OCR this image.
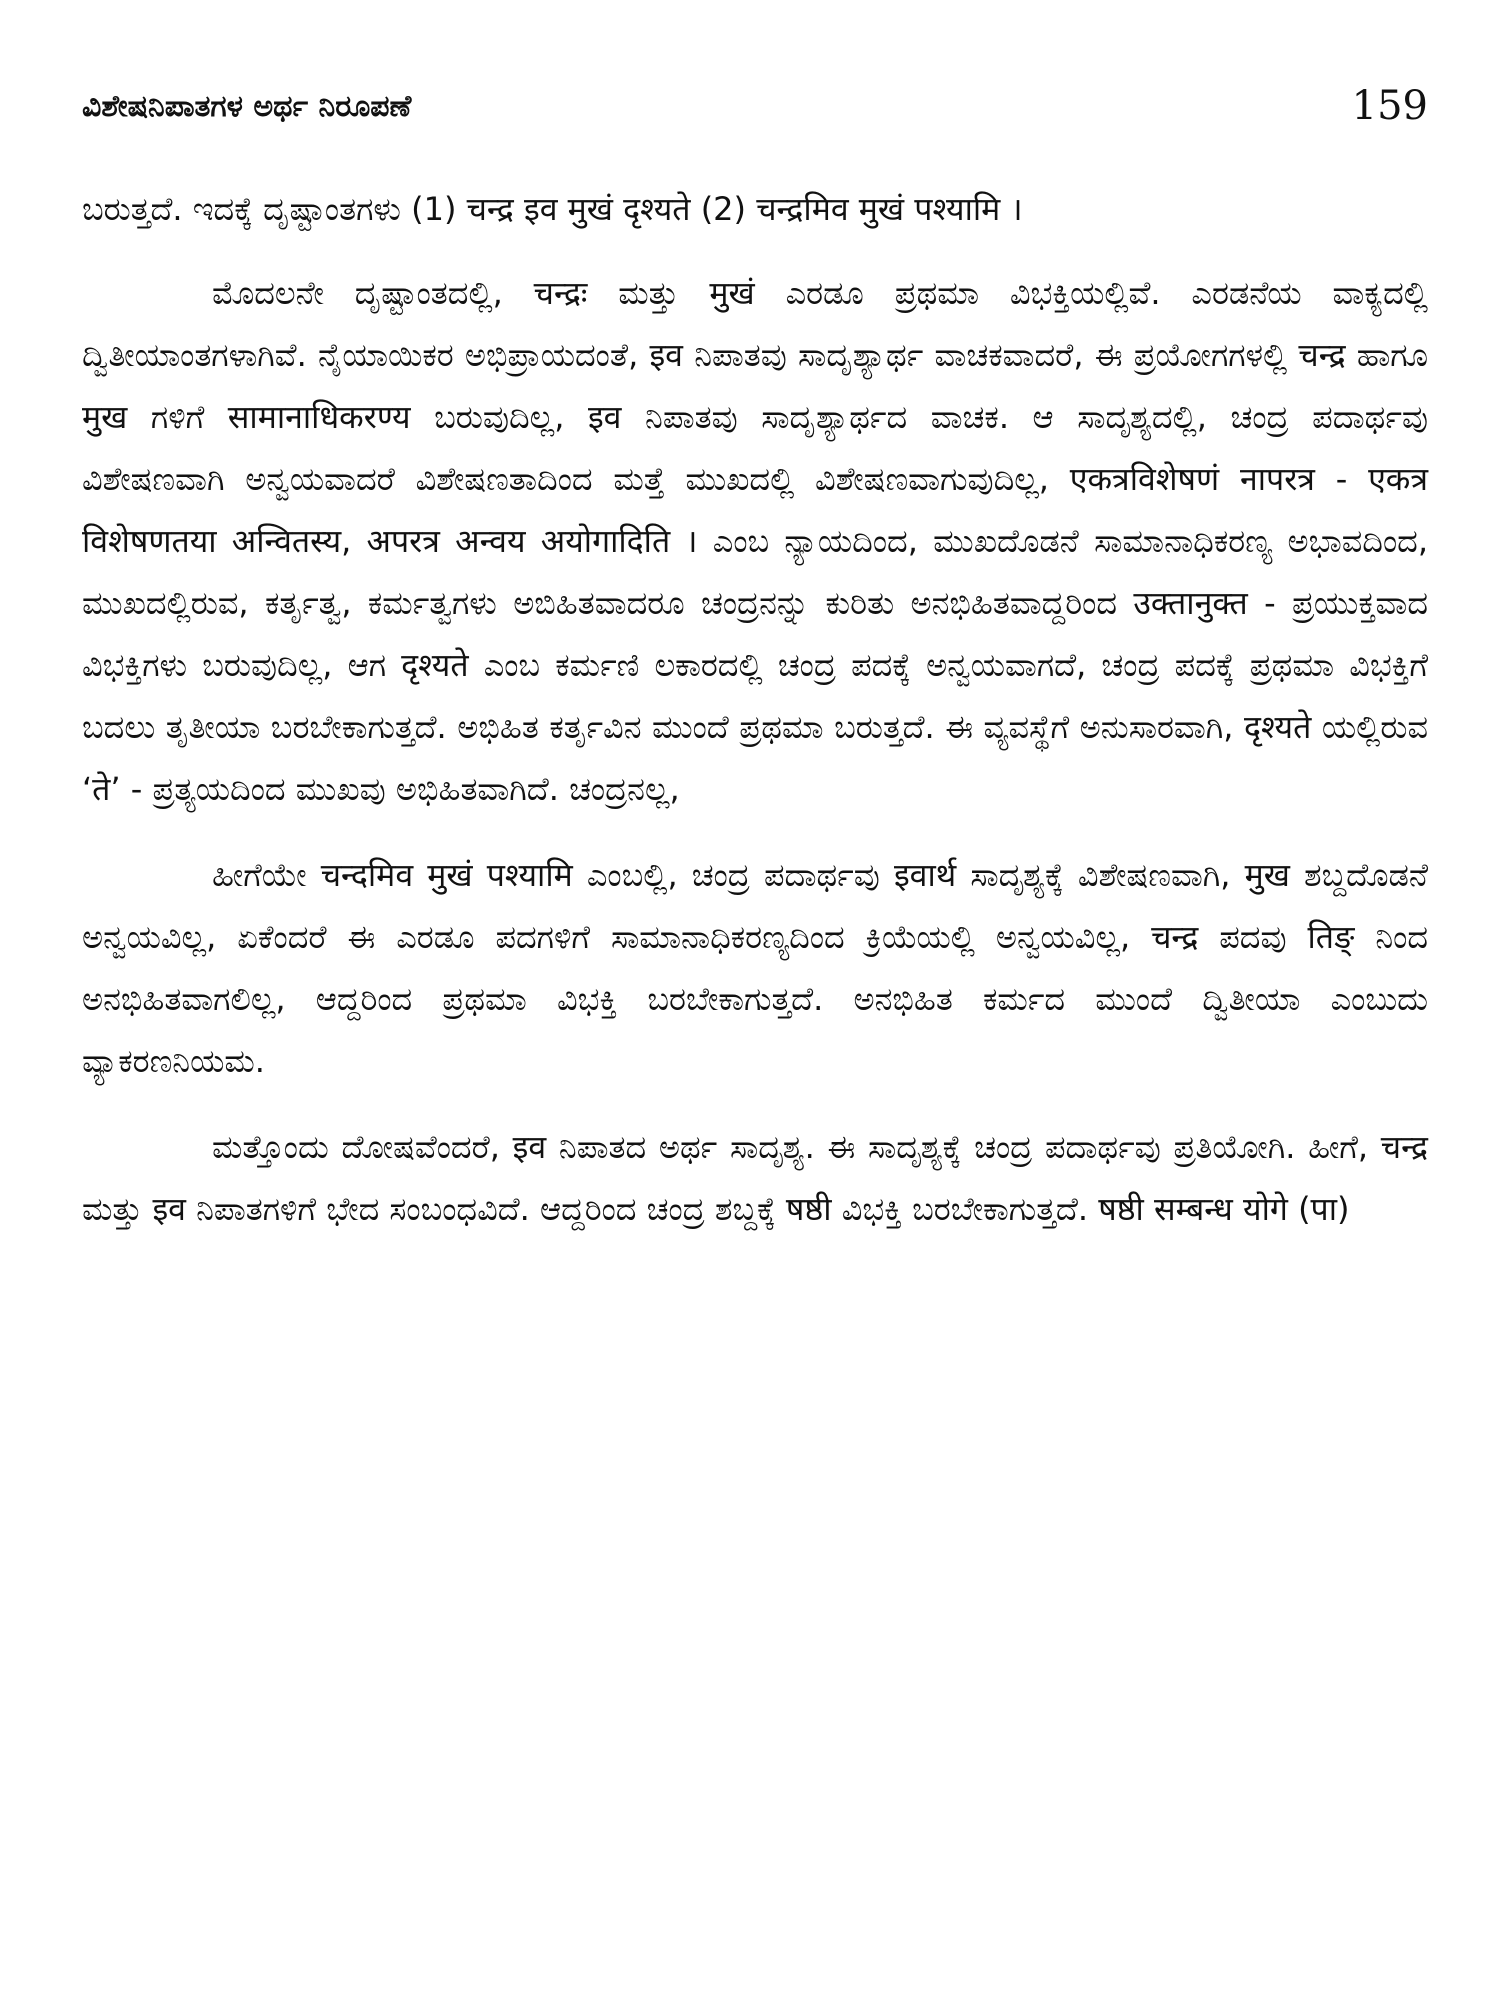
ವಿಶೇಷನಿಪಾತಗಳ ಅರ್ಥ ನಿರೂಪಣೆ	159

ಬರುತ್ತದೆ. ಇದಕ್ಕೆ ದೃಷ್ಟಾಂತಗಳು (1) चन्द्र इव मुखं दृश्यते (2) चन्द्रमिव मुखं पश्यामि ।

ಮೊದಲನೇ ದೃಷ್ಟಾಂತದಲ್ಲಿ, चन्द्रः ಮತ್ತು मुखं ಎರಡೂ ಪ್ರಥಮಾ ವಿಭಕ್ತಿಯಲ್ಲಿವೆ. ಎರಡನೆಯ ವಾಕ್ಯದಲ್ಲಿ ದ್ವಿತೀಯಾಂತಗಳಾಗಿವೆ. ನೈಯಾಯಿಕರ ಅಭಿಪ್ರಾಯದಂತೆ, इव ನಿಪಾತವು ಸಾದೃಶ್ಯಾರ್ಥ ವಾಚಕವಾದರೆ, ಈ ಪ್ರಯೋಗಗಳಲ್ಲಿ चन्द्र ಹಾಗೂ मुख ಗಳಿಗೆ सामानाधिकरण्य ಬರುವುದಿಲ್ಲ, इव ನಿಪಾತವು ಸಾದೃಶ್ಯಾರ್ಥದ ವಾಚಕ. ಆ ಸಾದೃಶ್ಯದಲ್ಲಿ, ಚಂದ್ರ ಪದಾರ್ಥವು ವಿಶೇಷಣವಾಗಿ ಅನ್ವಯವಾದರೆ ವಿಶೇಷಣತಾದಿಂದ ಮತ್ತೆ ಮುಖದಲ್ಲಿ ವಿಶೇಷಣವಾಗುವುದಿಲ್ಲ, एकत्रविशेषणं नापरत्र - एकत्र विशेषणतया अन्वितस्य, अपरत्र अन्वय अयोगादिति । ಎಂಬ ನ್ಯಾಯದಿಂದ, ಮುಖದೊಡನೆ ಸಾಮಾನಾಧಿಕರಣ್ಯ ಅಭಾವದಿಂದ, ಮುಖದಲ್ಲಿರುವ, ಕರ್ತೃತ್ವ, ಕರ್ಮತ್ವಗಳು ಅಬಿಹಿತವಾದರೂ ಚಂದ್ರನನ್ನು ಕುರಿತು ಅನಭಿಹಿತವಾದ್ದರಿಂದ उक्तानुक्त - ಪ್ರಯುಕ್ತವಾದ ವಿಭಕ್ತಿಗಳು ಬರುವುದಿಲ್ಲ, ಆಗ दृश्यते ಎಂಬ ಕರ್ಮಣಿ ಲಕಾರದಲ್ಲಿ ಚಂದ್ರ ಪದಕ್ಕೆ ಅನ್ವಯವಾಗದೆ, ಚಂದ್ರ ಪದಕ್ಕೆ ಪ್ರಥಮಾ ವಿಭಕ್ತಿಗೆ ಬದಲು ತೃತೀಯಾ ಬರಬೇಕಾಗುತ್ತದೆ. ಅಭಿಹಿತ ಕರ್ತೃವಿನ ಮುಂದೆ ಪ್ರಥಮಾ ಬರುತ್ತದೆ. ಈ ವ್ಯವಸ್ಥೆಗೆ ಅನುಸಾರವಾಗಿ, दृश्यते ಯಲ್ಲಿರುವ ‘ते’ - ಪ್ರತ್ಯಯದಿಂದ ಮುಖವು ಅಭಿಹಿತವಾಗಿದೆ. ಚಂದ್ರನಲ್ಲ,

ಹೀಗೆಯೇ चन्दमिव मुखं पश्यामि ಎಂಬಲ್ಲಿ, ಚಂದ್ರ ಪದಾರ್ಥವು इवार्थ ಸಾದೃಶ್ಯಕ್ಕೆ ವಿಶೇಷಣವಾಗಿ, मुख ಶಬ್ದದೊಡನೆ ಅನ್ವಯವಿಲ್ಲ, ಏಕೆಂದರೆ ಈ ಎರಡೂ ಪದಗಳಿಗೆ ಸಾಮಾನಾಧಿಕರಣ್ಯದಿಂದ ಕ್ರಿಯೆಯಲ್ಲಿ ಅನ್ವಯವಿಲ್ಲ, चन्द्र ಪದವು तिङ् ನಿಂದ ಅನಭಿಹಿತವಾಗಲಿಲ್ಲ, ಆದ್ದರಿಂದ ಪ್ರಥಮಾ ವಿಭಕ್ತಿ ಬರಬೇಕಾಗುತ್ತದೆ. ಅನಭಿಹಿತ ಕರ್ಮದ ಮುಂದೆ ದ್ವಿತೀಯಾ ಎಂಬುದು ವ್ಯಾಕರಣನಿಯಮ.

ಮತ್ತೊಂದು ದೋಷವೆಂದರೆ, इव ನಿಪಾತದ ಅರ್ಥ ಸಾದೃಶ್ಯ. ಈ ಸಾದೃಶ್ಯಕ್ಕೆ ಚಂದ್ರ ಪದಾರ್ಥವು ಪ್ರತಿಯೋಗಿ. ಹೀಗೆ, चन्द्र ಮತ್ತು इव ನಿಪಾತಗಳಿಗೆ ಭೇದ ಸಂಬಂಧವಿದೆ. ಆದ್ದರಿಂದ ಚಂದ್ರ ಶಬ್ದಕ್ಕೆ षष्ठी ವಿಭಕ್ತಿ ಬರಬೇಕಾಗುತ್ತದೆ. षष्ठी सम्बन्ध योगे (पा)
